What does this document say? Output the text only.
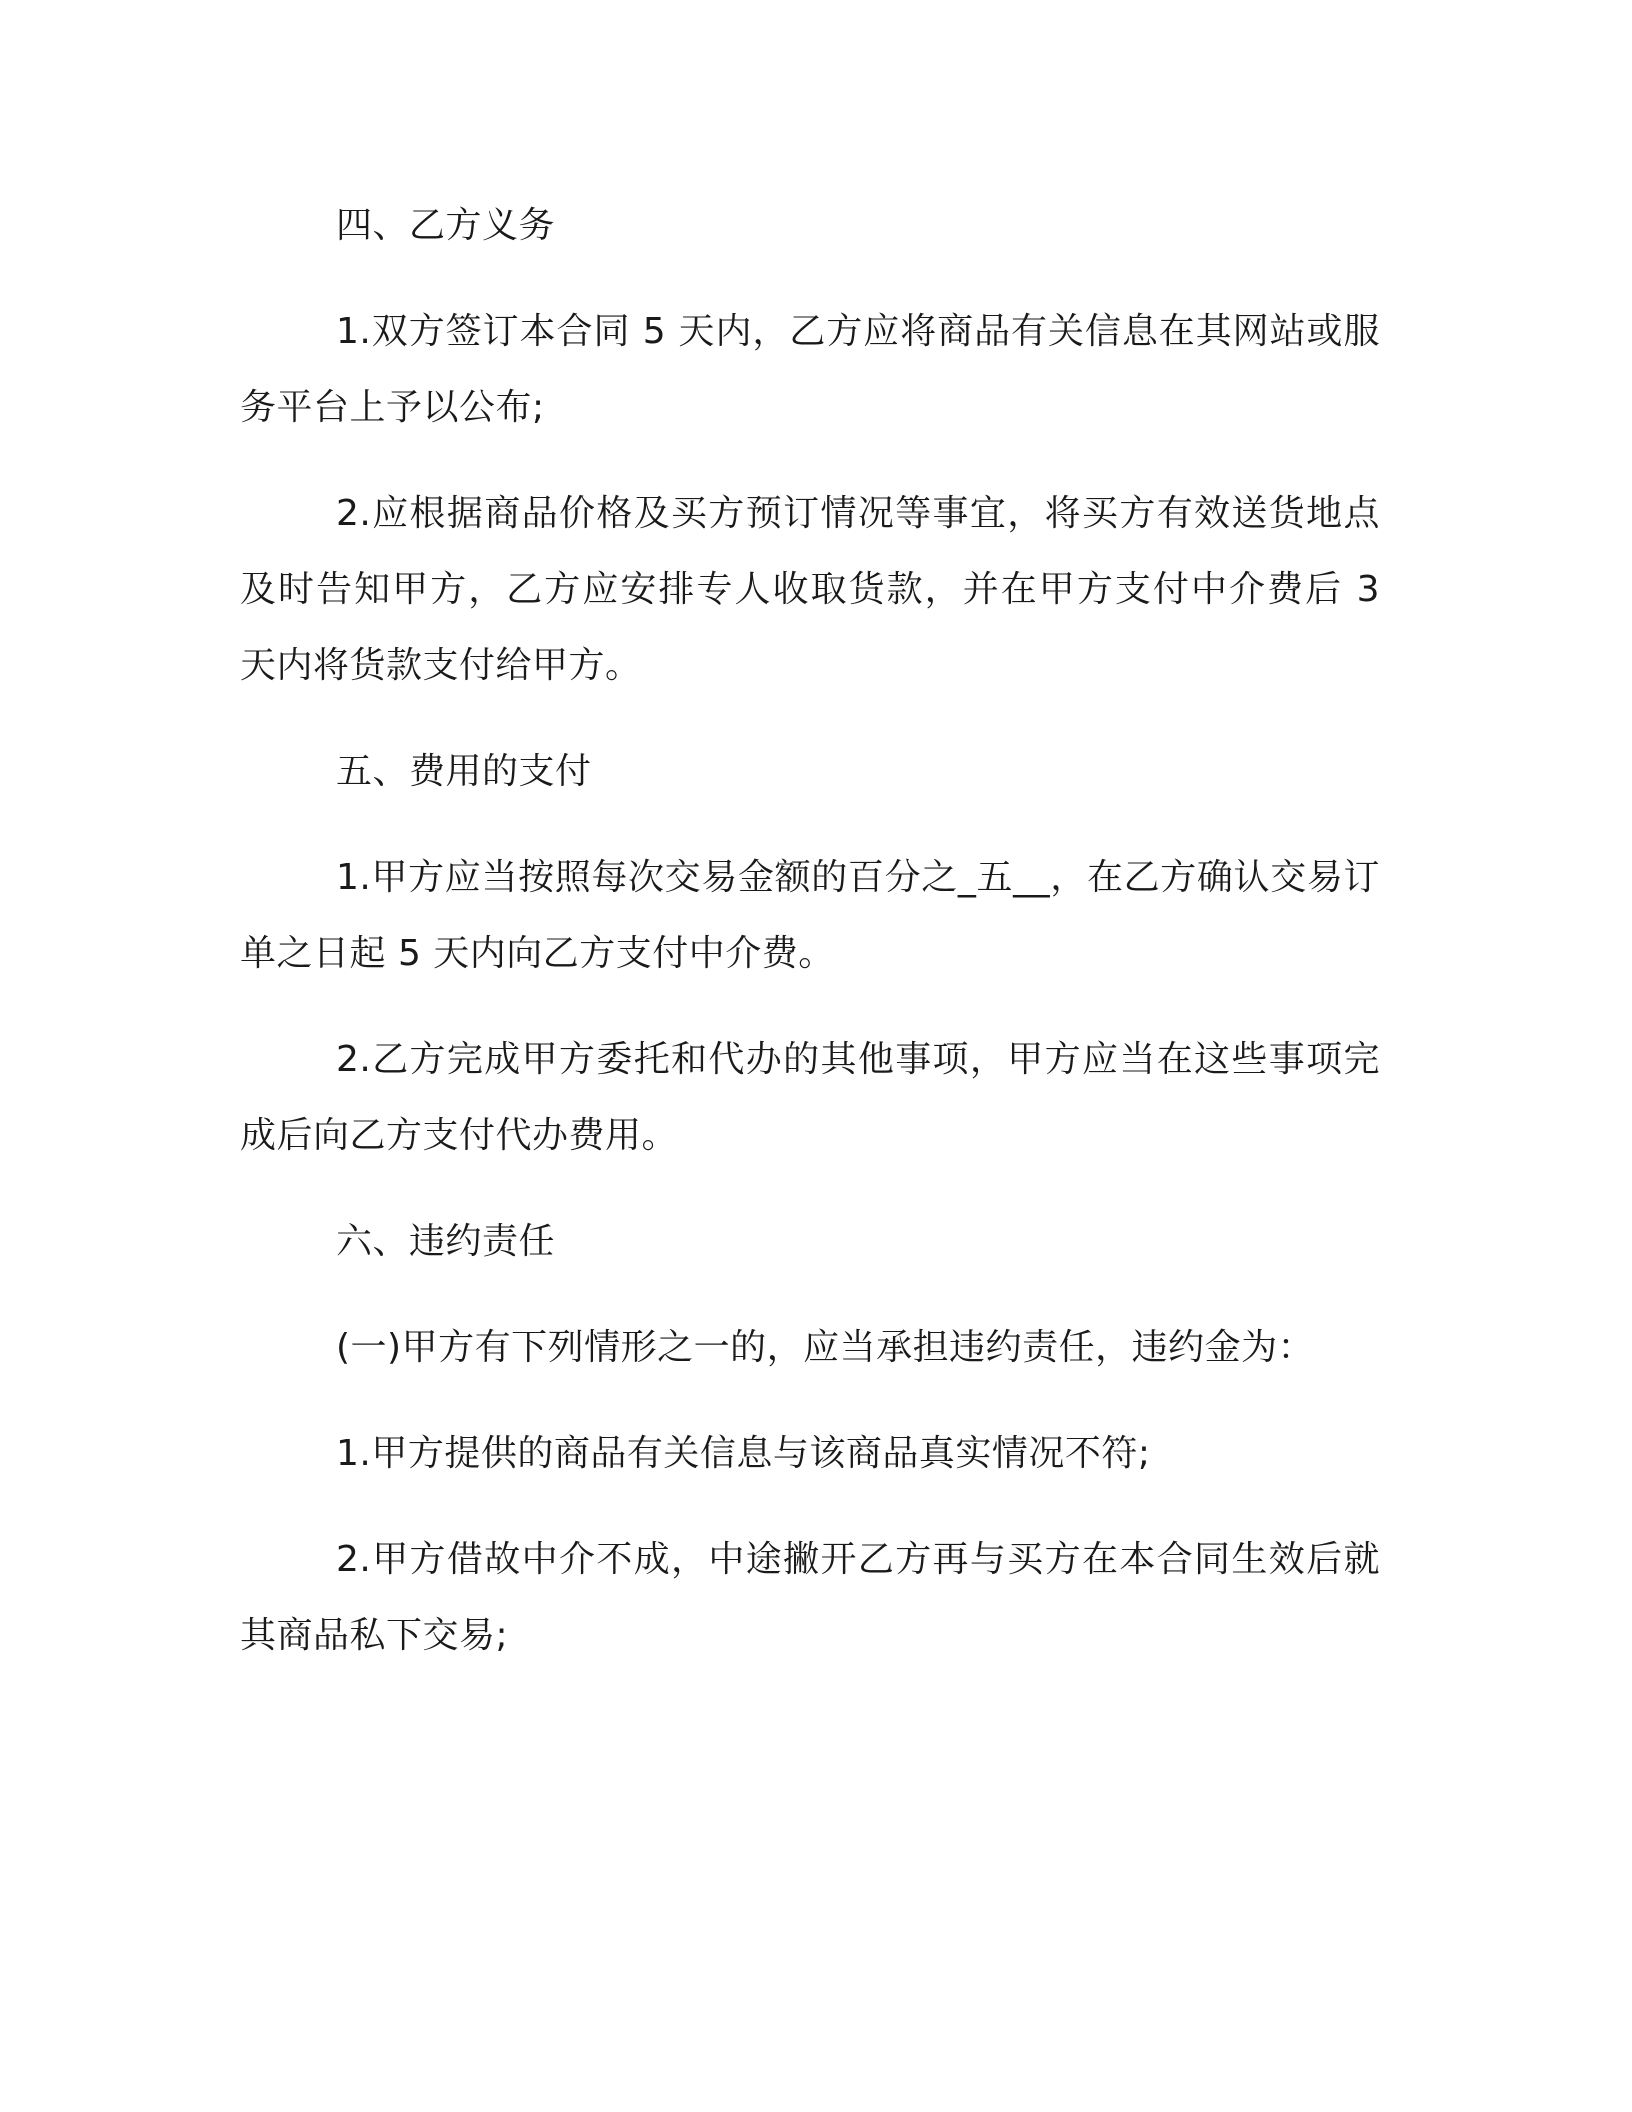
四、乙方义务

1.双方签订本合同 5 天内，乙方应将商品有关信息在其网站或服务平台上予以公布;

2.应根据商品价格及买方预订情况等事宜，将买方有效送货地点及时告知甲方，乙方应安排专人收取货款，并在甲方支付中介费后 3 天内将货款支付给甲方。

五、费用的支付

1.甲方应当按照每次交易金额的百分之_五__，在乙方确认交易订单之日起 5 天内向乙方支付中介费。

2.乙方完成甲方委托和代办的其他事项，甲方应当在这些事项完成后向乙方支付代办费用。

六、违约责任

(一)甲方有下列情形之一的，应当承担违约责任，违约金为：

1.甲方提供的商品有关信息与该商品真实情况不符;

2.甲方借故中介不成，中途撇开乙方再与买方在本合同生效后就其商品私下交易;
